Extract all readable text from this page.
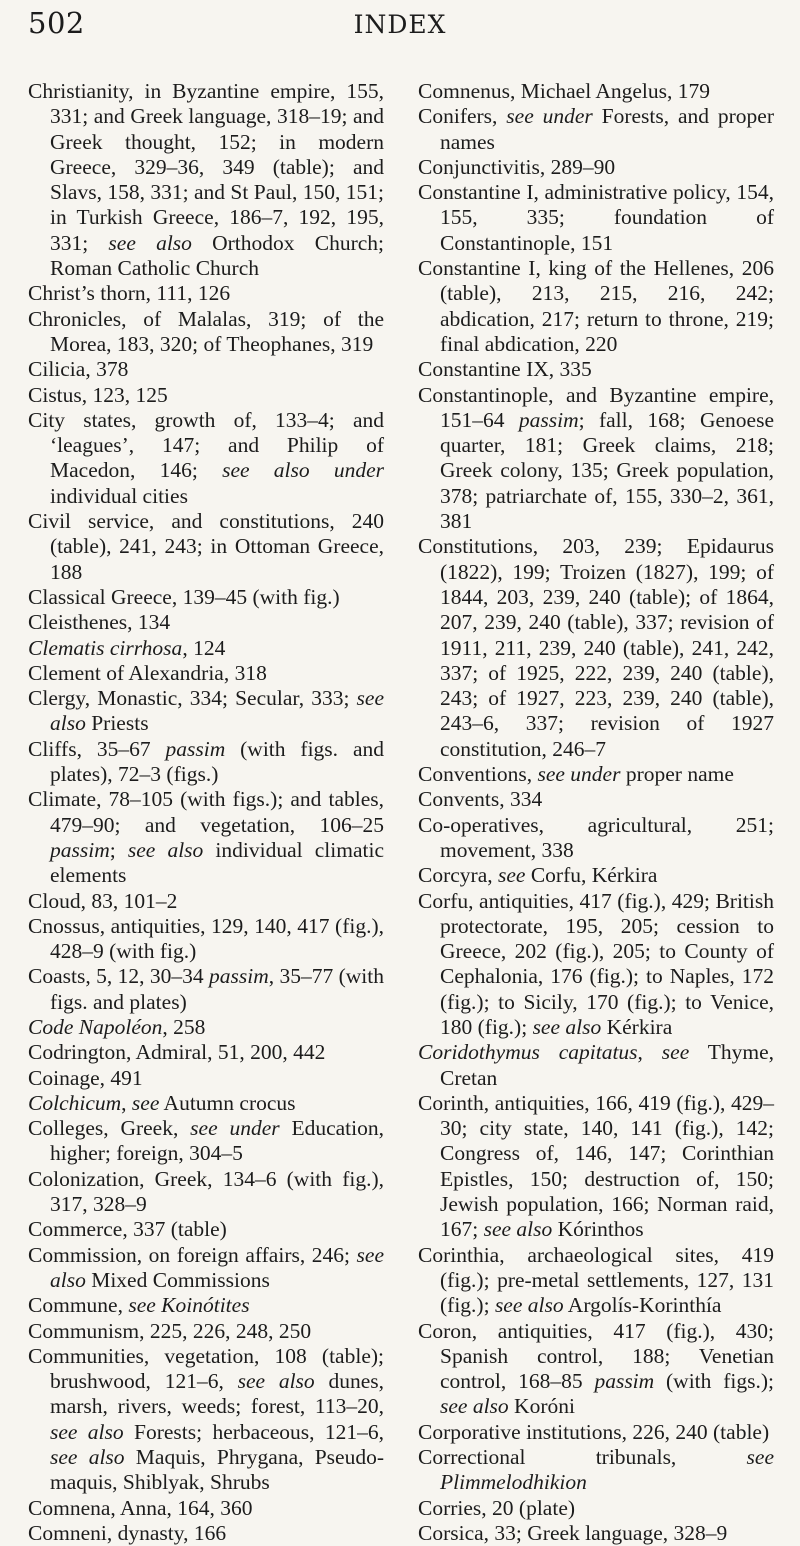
502	INDEX

Christianity, in Byzantine empire, 155, 331; and Greek language, 318–19; and Greek thought, 152; in modern Greece, 329–36, 349 (table); and Slavs, 158, 331; and St Paul, 150, 151; in Turkish Greece, 186–7, 192, 195, 331; see also Orthodox Church; Roman Catholic Church

Christ’s thorn, 111, 126

Chronicles, of Malalas, 319; of the Morea, 183, 320; of Theophanes, 319

Cilicia, 378

Cistus, 123, 125

City states, growth of, 133–4; and ‘leagues’, 147; and Philip of Macedon, 146; see also under individual cities

Civil service, and constitutions, 240 (table), 241, 243; in Ottoman Greece, 188

Classical Greece, 139–45 (with fig.)

Cleisthenes, 134

Clematis cirrhosa, 124

Clement of Alexandria, 318

Clergy, Monastic, 334; Secular, 333; see also Priests

Cliffs, 35–67 passim (with figs. and plates), 72–3 (figs.)

Climate, 78–105 (with figs.); and tables, 479–90; and vegetation, 106–25 passim; see also individual climatic elements

Cloud, 83, 101–2

Cnossus, antiquities, 129, 140, 417 (fig.), 428–9 (with fig.)

Coasts, 5, 12, 30–34 passim, 35–77 (with figs. and plates)

Code Napoléon, 258

Codrington, Admiral, 51, 200, 442

Coinage, 491

Colchicum, see Autumn crocus

Colleges, Greek, see under Education, higher; foreign, 304–5

Colonization, Greek, 134–6 (with fig.), 317, 328–9

Commerce, 337 (table)

Commission, on foreign affairs, 246; see also Mixed Commissions

Commune, see Koinótites

Communism, 225, 226, 248, 250

Communities, vegetation, 108 (table); brushwood, 121–6, see also dunes, marsh, rivers, weeds; forest, 113–20, see also Forests; herbaceous, 121–6, see also Maquis, Phrygana, Pseudo-maquis, Shiblyak, Shrubs

Comnena, Anna, 164, 360

Comneni, dynasty, 166

Comnenus, Michael Angelus, 179

Conifers, see under Forests, and proper names

Conjunctivitis, 289–90

Constantine I, administrative policy, 154, 155, 335; foundation of Constantinople, 151

Constantine I, king of the Hellenes, 206 (table), 213, 215, 216, 242; abdication, 217; return to throne, 219; final abdication, 220

Constantine IX, 335

Constantinople, and Byzantine empire, 151–64 passim; fall, 168; Genoese quarter, 181; Greek claims, 218; Greek colony, 135; Greek population, 378; patriarchate of, 155, 330–2, 361, 381

Constitutions, 203, 239; Epidaurus (1822), 199; Troizen (1827), 199; of 1844, 203, 239, 240 (table); of 1864, 207, 239, 240 (table), 337; revision of 1911, 211, 239, 240 (table), 241, 242, 337; of 1925, 222, 239, 240 (table), 243; of 1927, 223, 239, 240 (table), 243–6, 337; revision of 1927 constitution, 246–7

Conventions, see under proper name

Convents, 334

Co-operatives, agricultural, 251; movement, 338

Corcyra, see Corfu, Kérkira

Corfu, antiquities, 417 (fig.), 429; British protectorate, 195, 205; cession to Greece, 202 (fig.), 205; to County of Cephalonia, 176 (fig.); to Naples, 172 (fig.); to Sicily, 170 (fig.); to Venice, 180 (fig.); see also Kérkira

Coridothymus capitatus, see Thyme, Cretan

Corinth, antiquities, 166, 419 (fig.), 429–30; city state, 140, 141 (fig.), 142; Congress of, 146, 147; Corinthian Epistles, 150; destruction of, 150; Jewish population, 166; Norman raid, 167; see also Kórinthos

Corinthia, archaeological sites, 419 (fig.); pre-metal settlements, 127, 131 (fig.); see also Argolís-Korinthía

Coron, antiquities, 417 (fig.), 430; Spanish control, 188; Venetian control, 168–85 passim (with figs.); see also Koróni

Corporative institutions, 226, 240 (table)

Correctional tribunals, see Plimmelodhikion

Corries, 20 (plate)

Corsica, 33; Greek language, 328–9
